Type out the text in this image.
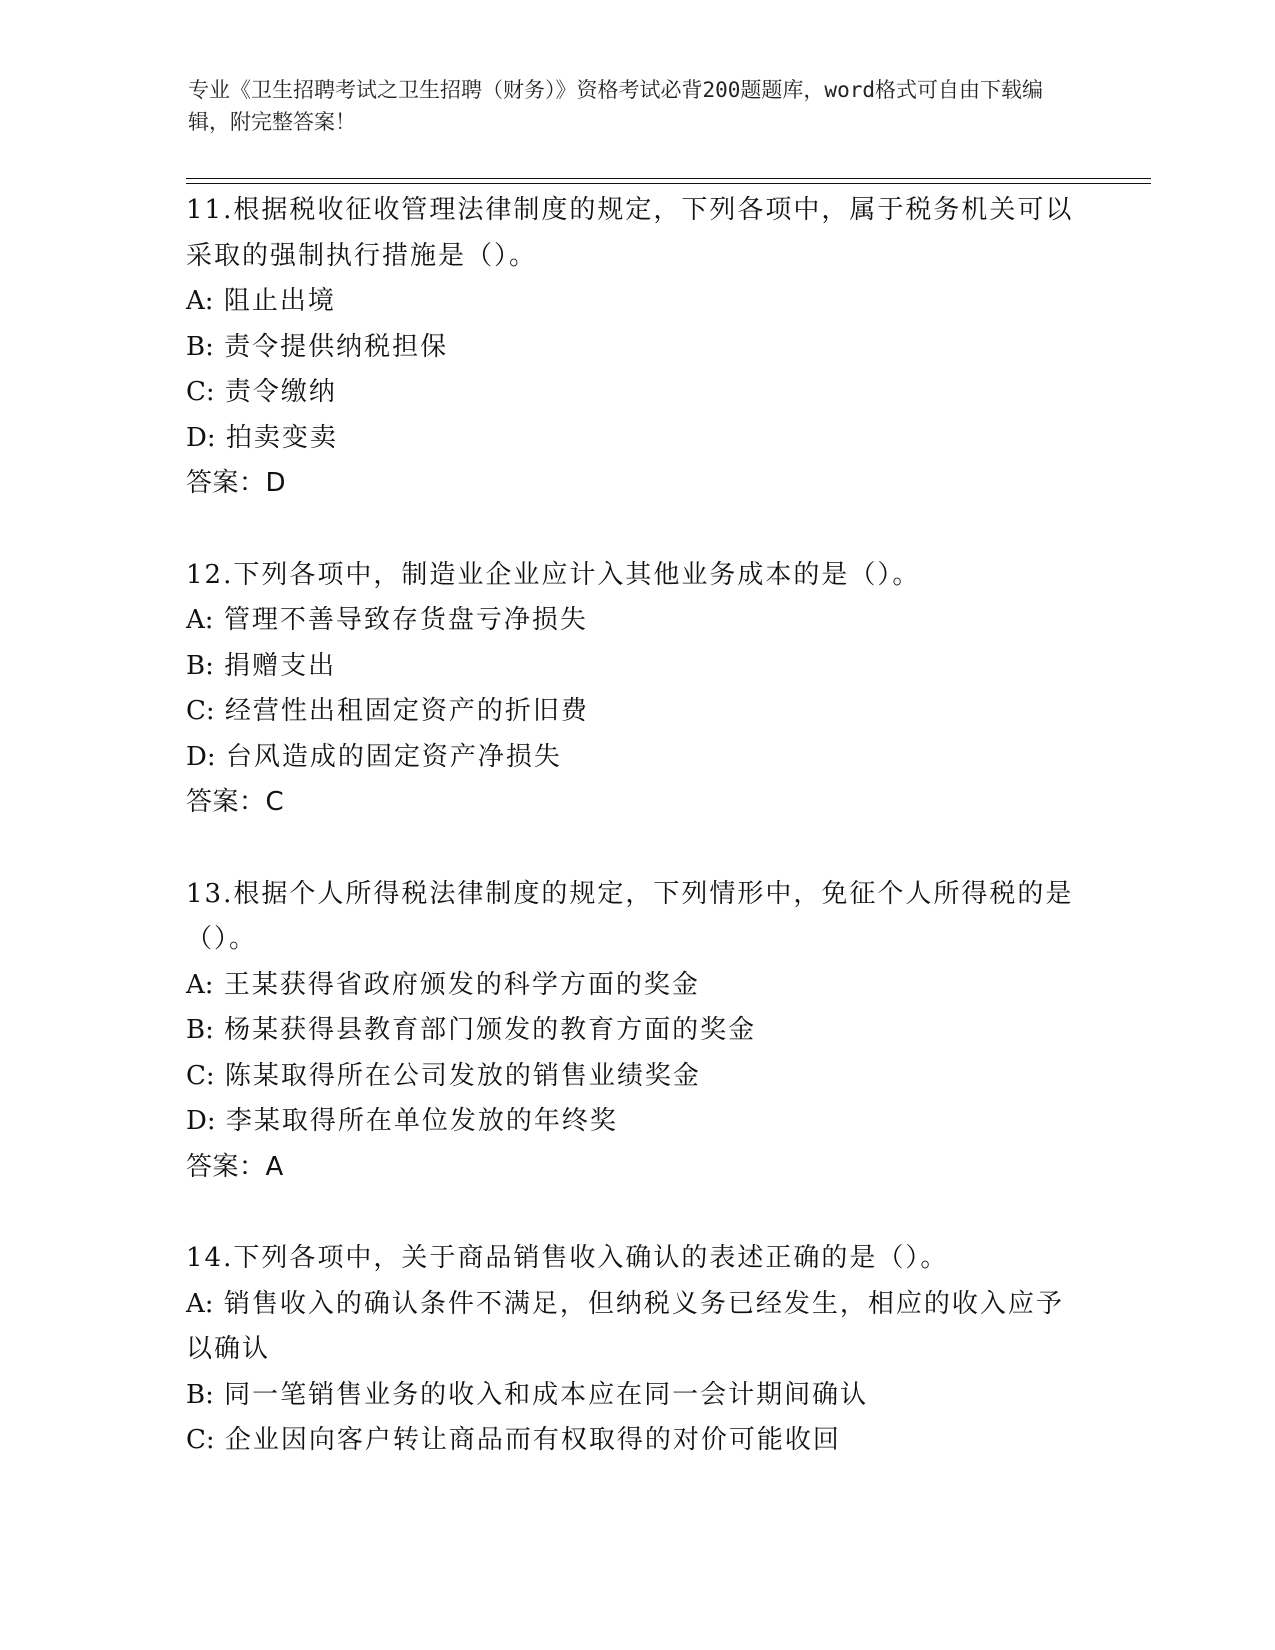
专业《卫生招聘考试之卫生招聘（财务）》资格考试必背200题题库，word格式可自由下载编辑，附完整答案！
11.根据税收征收管理法律制度的规定，下列各项中，属于税务机关可以采取的强制执行措施是（）。
A: 阻止出境
B: 责令提供纳税担保
C: 责令缴纳
D: 拍卖变卖
答案：D
12.下列各项中，制造业企业应计入其他业务成本的是（）。
A: 管理不善导致存货盘亏净损失
B: 捐赠支出
C: 经营性出租固定资产的折旧费
D: 台风造成的固定资产净损失
答案：C
13.根据个人所得税法律制度的规定，下列情形中，免征个人所得税的是（）。
A: 王某获得省政府颁发的科学方面的奖金
B: 杨某获得县教育部门颁发的教育方面的奖金
C: 陈某取得所在公司发放的销售业绩奖金
D: 李某取得所在单位发放的年终奖
答案：A
14.下列各项中，关于商品销售收入确认的表述正确的是（）。
A: 销售收入的确认条件不满足，但纳税义务已经发生，相应的收入应予以确认
B: 同一笔销售业务的收入和成本应在同一会计期间确认
C: 企业因向客户转让商品而有权取得的对价可能收回
